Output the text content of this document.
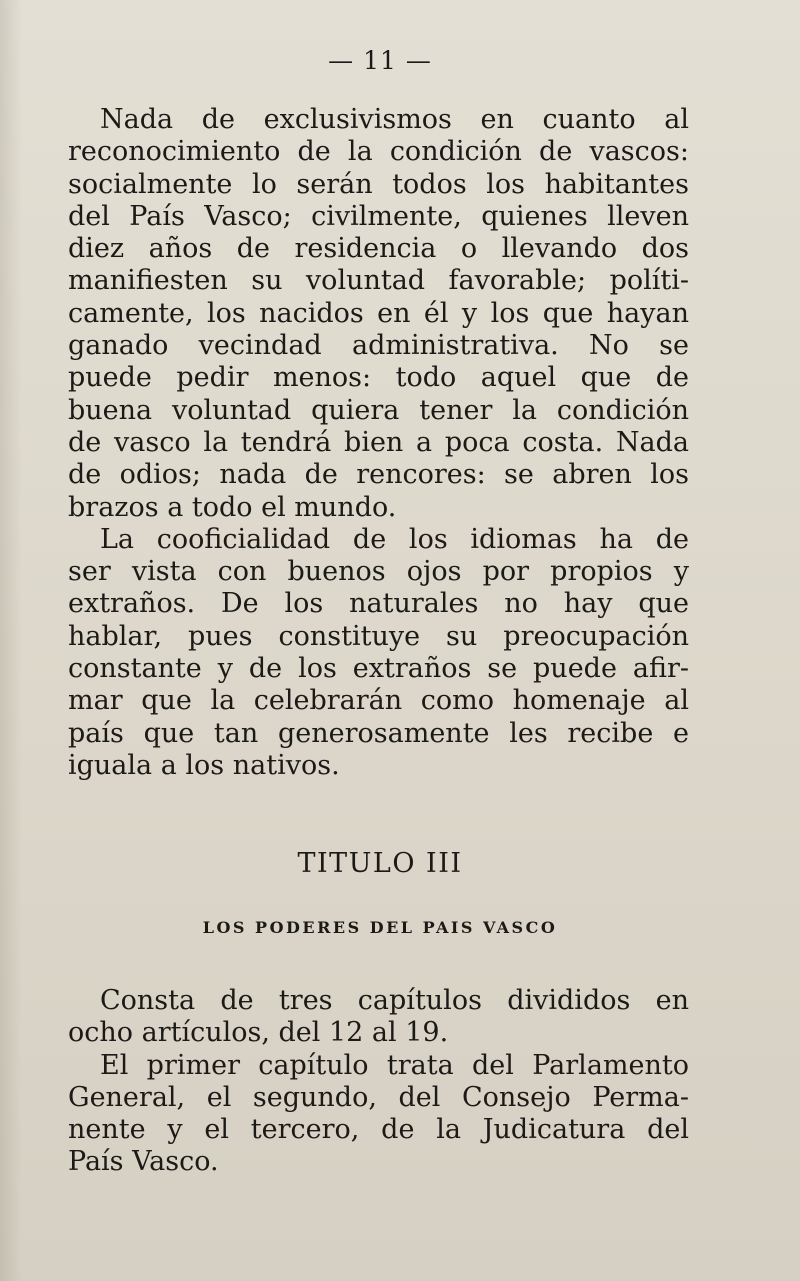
— 11 —
Nada de exclusivismos en cuanto al
reconocimiento de la condición de vascos:
socialmente lo serán todos los habitantes
del País Vasco; civilmente, quienes lleven
diez años de residencia o llevando dos
manifiesten su voluntad favorable; políti-
camente, los nacidos en él y los que hayan
ganado vecindad administrativa. No se
puede pedir menos: todo aquel que de
buena voluntad quiera tener la condición
de vasco la tendrá bien a poca costa. Nada
de odios; nada de rencores: se abren los
brazos a todo el mundo.
La cooficialidad de los idiomas ha de
ser vista con buenos ojos por propios y
extraños. De los naturales no hay que
hablar, pues constituye su preocupación
constante y de los extraños se puede afir-
mar que la celebrarán como homenaje al
país que tan generosamente les recibe e
iguala a los nativos.
TITULO III
LOS PODERES DEL PAIS VASCO
Consta de tres capítulos divididos en
ocho artículos, del 12 al 19.
El primer capítulo trata del Parlamento
General, el segundo, del Consejo Perma-
nente y el tercero, de la Judicatura del
País Vasco.
